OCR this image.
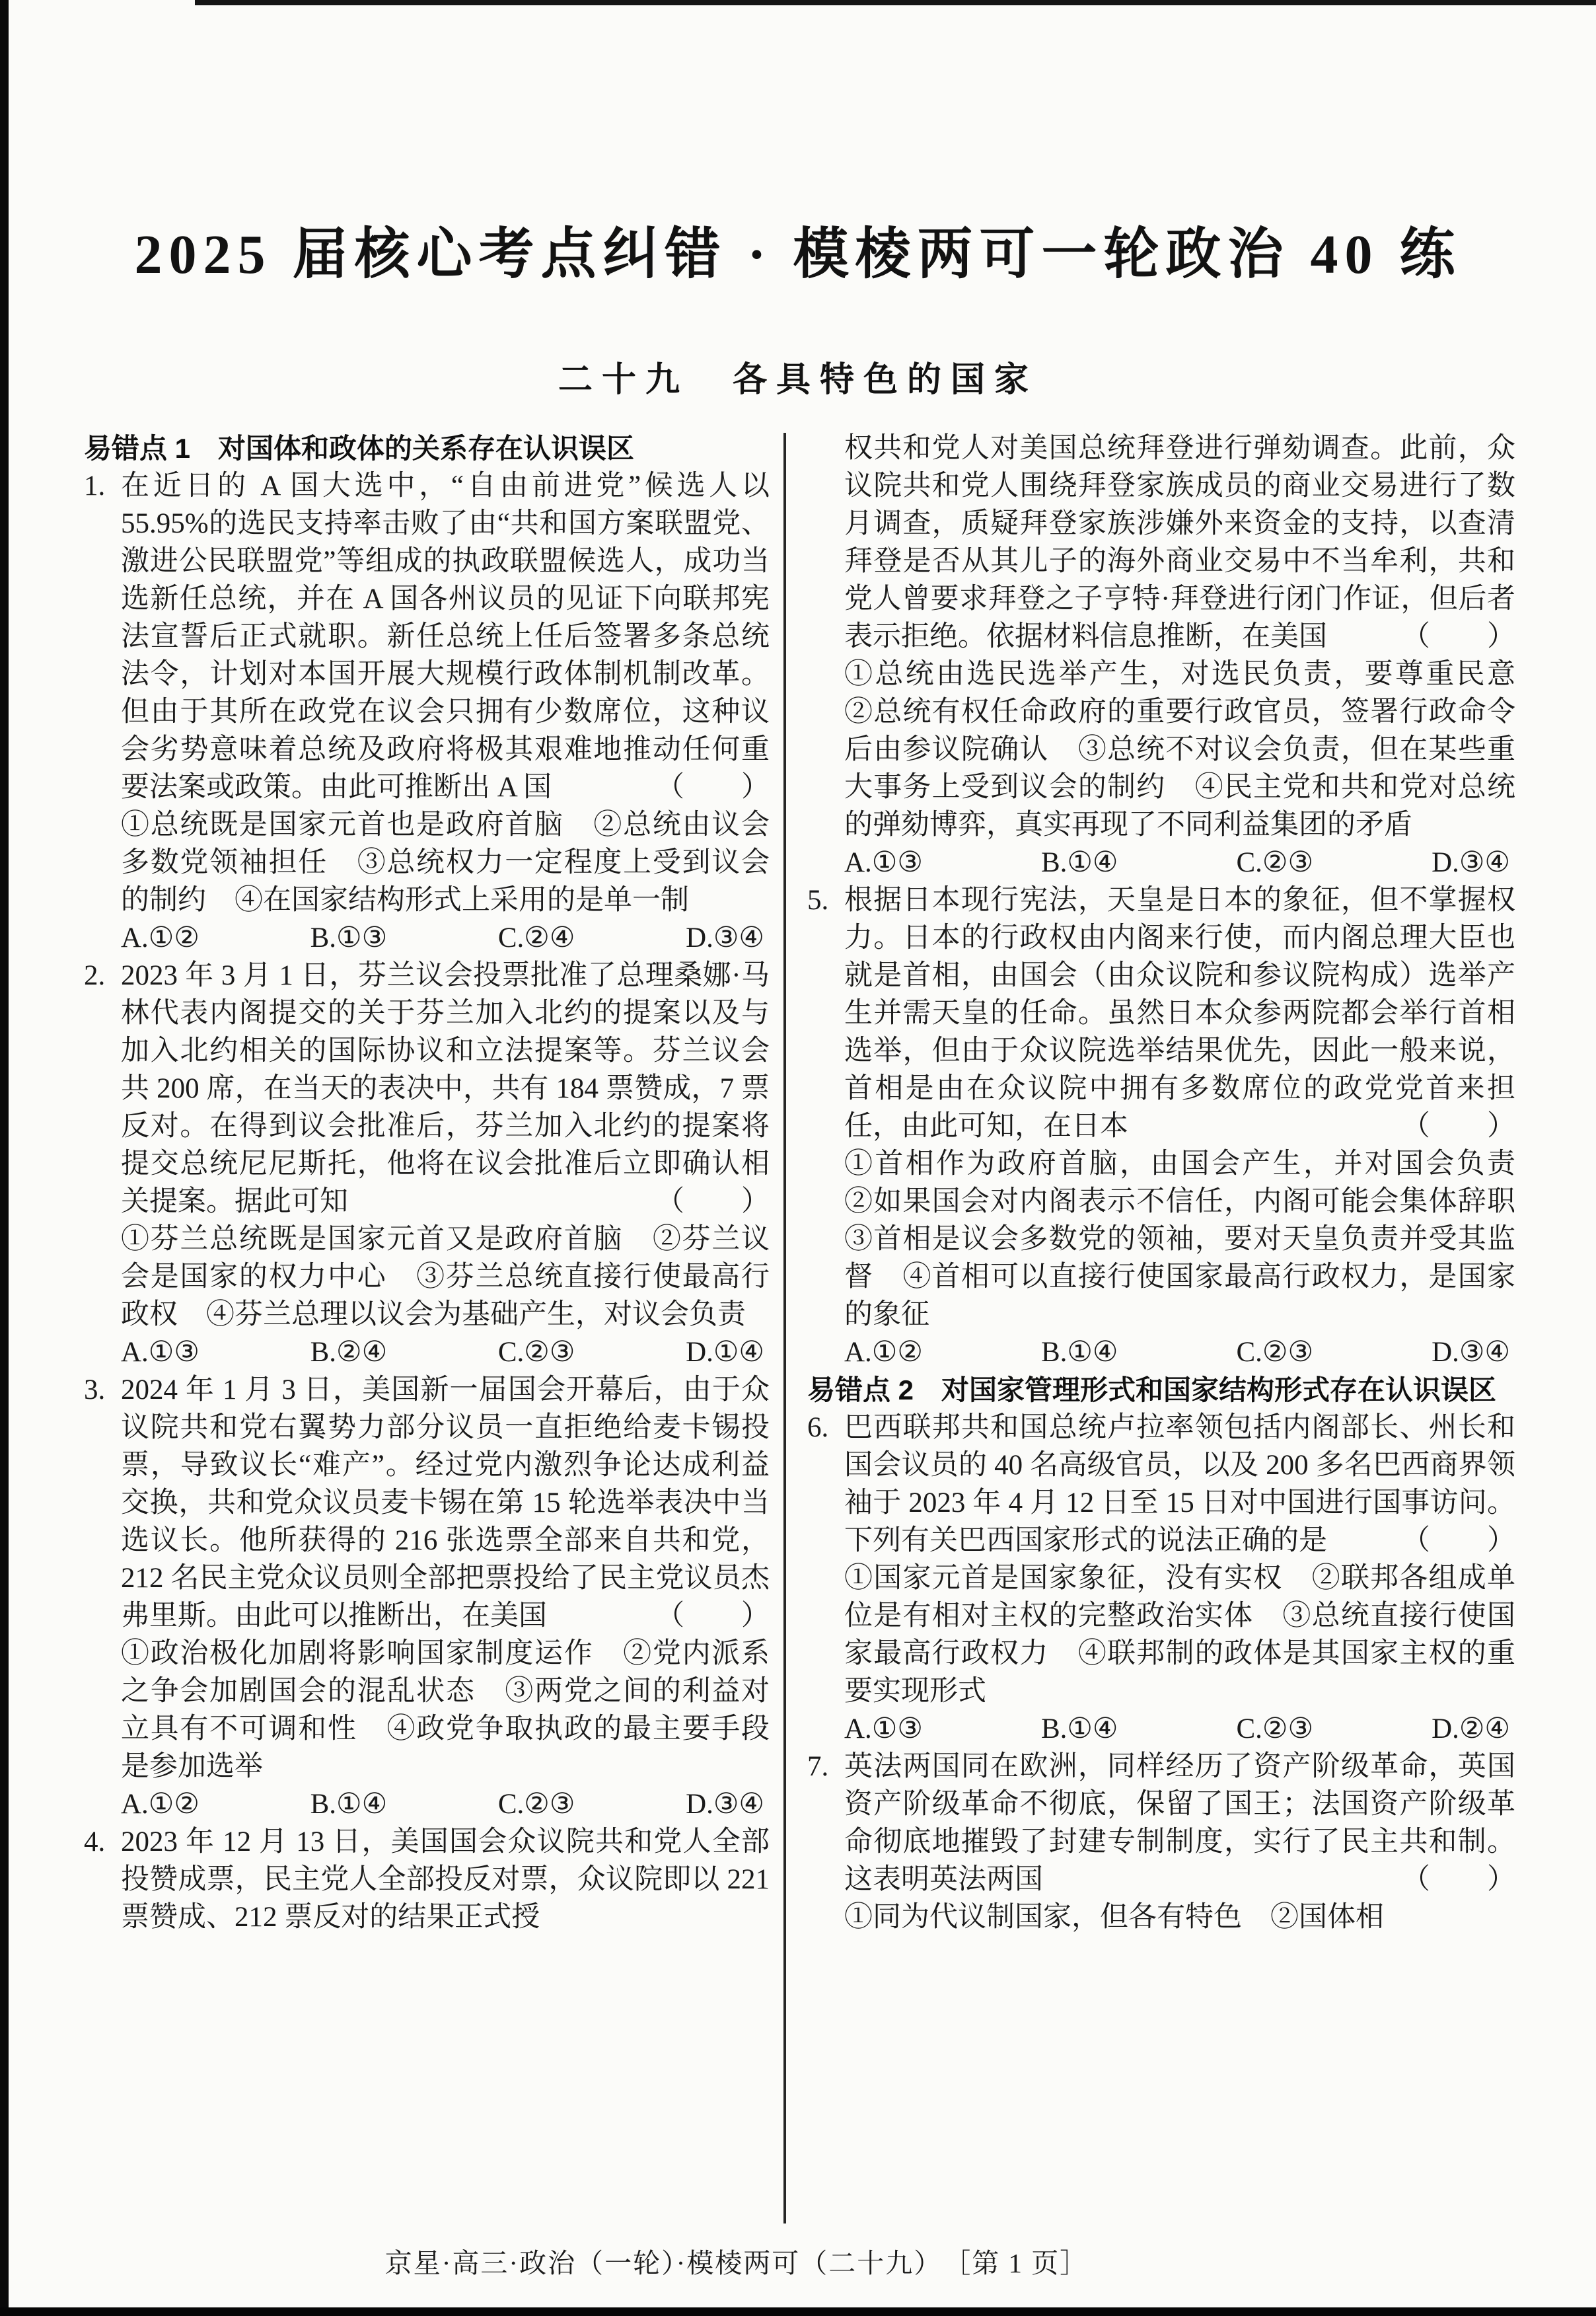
2025 届核心考点纠错 · 模棱两可一轮政治 40 练
二十九　各具特色的国家
易错点 1　对国体和政体的关系存在认识误区

1. 在近日的 A 国大选中，“自由前进党”候选人以 55.95%的选民支持率击败了由“共和国方案联盟党、激进公民联盟党”等组成的执政联盟候选人，成功当选新任总统，并在 A 国各州议员的见证下向联邦宪法宣誓后正式就职。新任总统上任后签署多条总统法令，计划对本国开展大规模行政体制机制改革。但由于其所在政党在议会只拥有少数席位，这种议会劣势意味着总统及政府将极其艰难地推动任何重要法案或政策。由此可推断出 A 国	（　　）

①总统既是国家元首也是政府首脑　②总统由议会多数党领袖担任　③总统权力一定程度上受到议会的制约　④在国家结构形式上采用的是单一制

A.①②	B.①③	C.②④	D.③④

2. 2023 年 3 月 1 日，芬兰议会投票批准了总理桑娜·马林代表内阁提交的关于芬兰加入北约的提案以及与加入北约相关的国际协议和立法提案等。芬兰议会共 200 席，在当天的表决中，共有 184 票赞成，7 票反对。在得到议会批准后，芬兰加入北约的提案将提交总统尼尼斯托，他将在议会批准后立即确认相关提案。据此可知	（　　）

①芬兰总统既是国家元首又是政府首脑　②芬兰议会是国家的权力中心　③芬兰总统直接行使最高行政权　④芬兰总理以议会为基础产生，对议会负责

A.①③	B.②④	C.②③	D.①④

3. 2024 年 1 月 3 日，美国新一届国会开幕后，由于众议院共和党右翼势力部分议员一直拒绝给麦卡锡投票，导致议长“难产”。经过党内激烈争论达成利益交换，共和党众议员麦卡锡在第 15 轮选举表决中当选议长。他所获得的 216 张选票全部来自共和党，212 名民主党众议员则全部把票投给了民主党议员杰弗里斯。由此可以推断出，在美国	（　　）

①政治极化加剧将影响国家制度运作　②党内派系之争会加剧国会的混乱状态　③两党之间的利益对立具有不可调和性　④政党争取执政的最主要手段是参加选举

A.①②	B.①④	C.②③	D.③④

4. 2023 年 12 月 13 日，美国国会众议院共和党人全部投赞成票，民主党人全部投反对票，众议院即以 221 票赞成、212 票反对的结果正式授

权共和党人对美国总统拜登进行弹劾调查。此前，众议院共和党人围绕拜登家族成员的商业交易进行了数月调查，质疑拜登家族涉嫌外来资金的支持，以查清拜登是否从其儿子的海外商业交易中不当牟利，共和党人曾要求拜登之子亨特·拜登进行闭门作证，但后者表示拒绝。依据材料信息推断，在美国	（　　）

①总统由选民选举产生，对选民负责，要尊重民意　②总统有权任命政府的重要行政官员，签署行政命令后由参议院确认　③总统不对议会负责，但在某些重大事务上受到议会的制约　④民主党和共和党对总统的弹劾博弈，真实再现了不同利益集团的矛盾

A.①③	B.①④	C.②③	D.③④

5. 根据日本现行宪法，天皇是日本的象征，但不掌握权力。日本的行政权由内阁来行使，而内阁总理大臣也就是首相，由国会（由众议院和参议院构成）选举产生并需天皇的任命。虽然日本众参两院都会举行首相选举，但由于众议院选举结果优先，因此一般来说，首相是由在众议院中拥有多数席位的政党党首来担任，由此可知，在日本	（　　）

①首相作为政府首脑，由国会产生，并对国会负责　②如果国会对内阁表示不信任，内阁可能会集体辞职　③首相是议会多数党的领袖，要对天皇负责并受其监督　④首相可以直接行使国家最高行政权力，是国家的象征

A.①②	B.①④	C.②③	D.③④
易错点 2　对国家管理形式和国家结构形式存在认识误区

6. 巴西联邦共和国总统卢拉率领包括内阁部长、州长和国会议员的 40 名高级官员，以及 200 多名巴西商界领袖于 2023 年 4 月 12 日至 15 日对中国进行国事访问。下列有关巴西国家形式的说法正确的是	（　　）

①国家元首是国家象征，没有实权　②联邦各组成单位是有相对主权的完整政治实体　③总统直接行使国家最高行政权力　④联邦制的政体是其国家主权的重要实现形式

A.①③	B.①④	C.②③	D.②④

7. 英法两国同在欧洲，同样经历了资产阶级革命，英国资产阶级革命不彻底，保留了国王；法国资产阶级革命彻底地摧毁了封建专制制度，实行了民主共和制。这表明英法两国	（　　）

①同为代议制国家，但各有特色　②国体相

京星·高三·政治（一轮）·模棱两可（二十九）　［第 1 页］
